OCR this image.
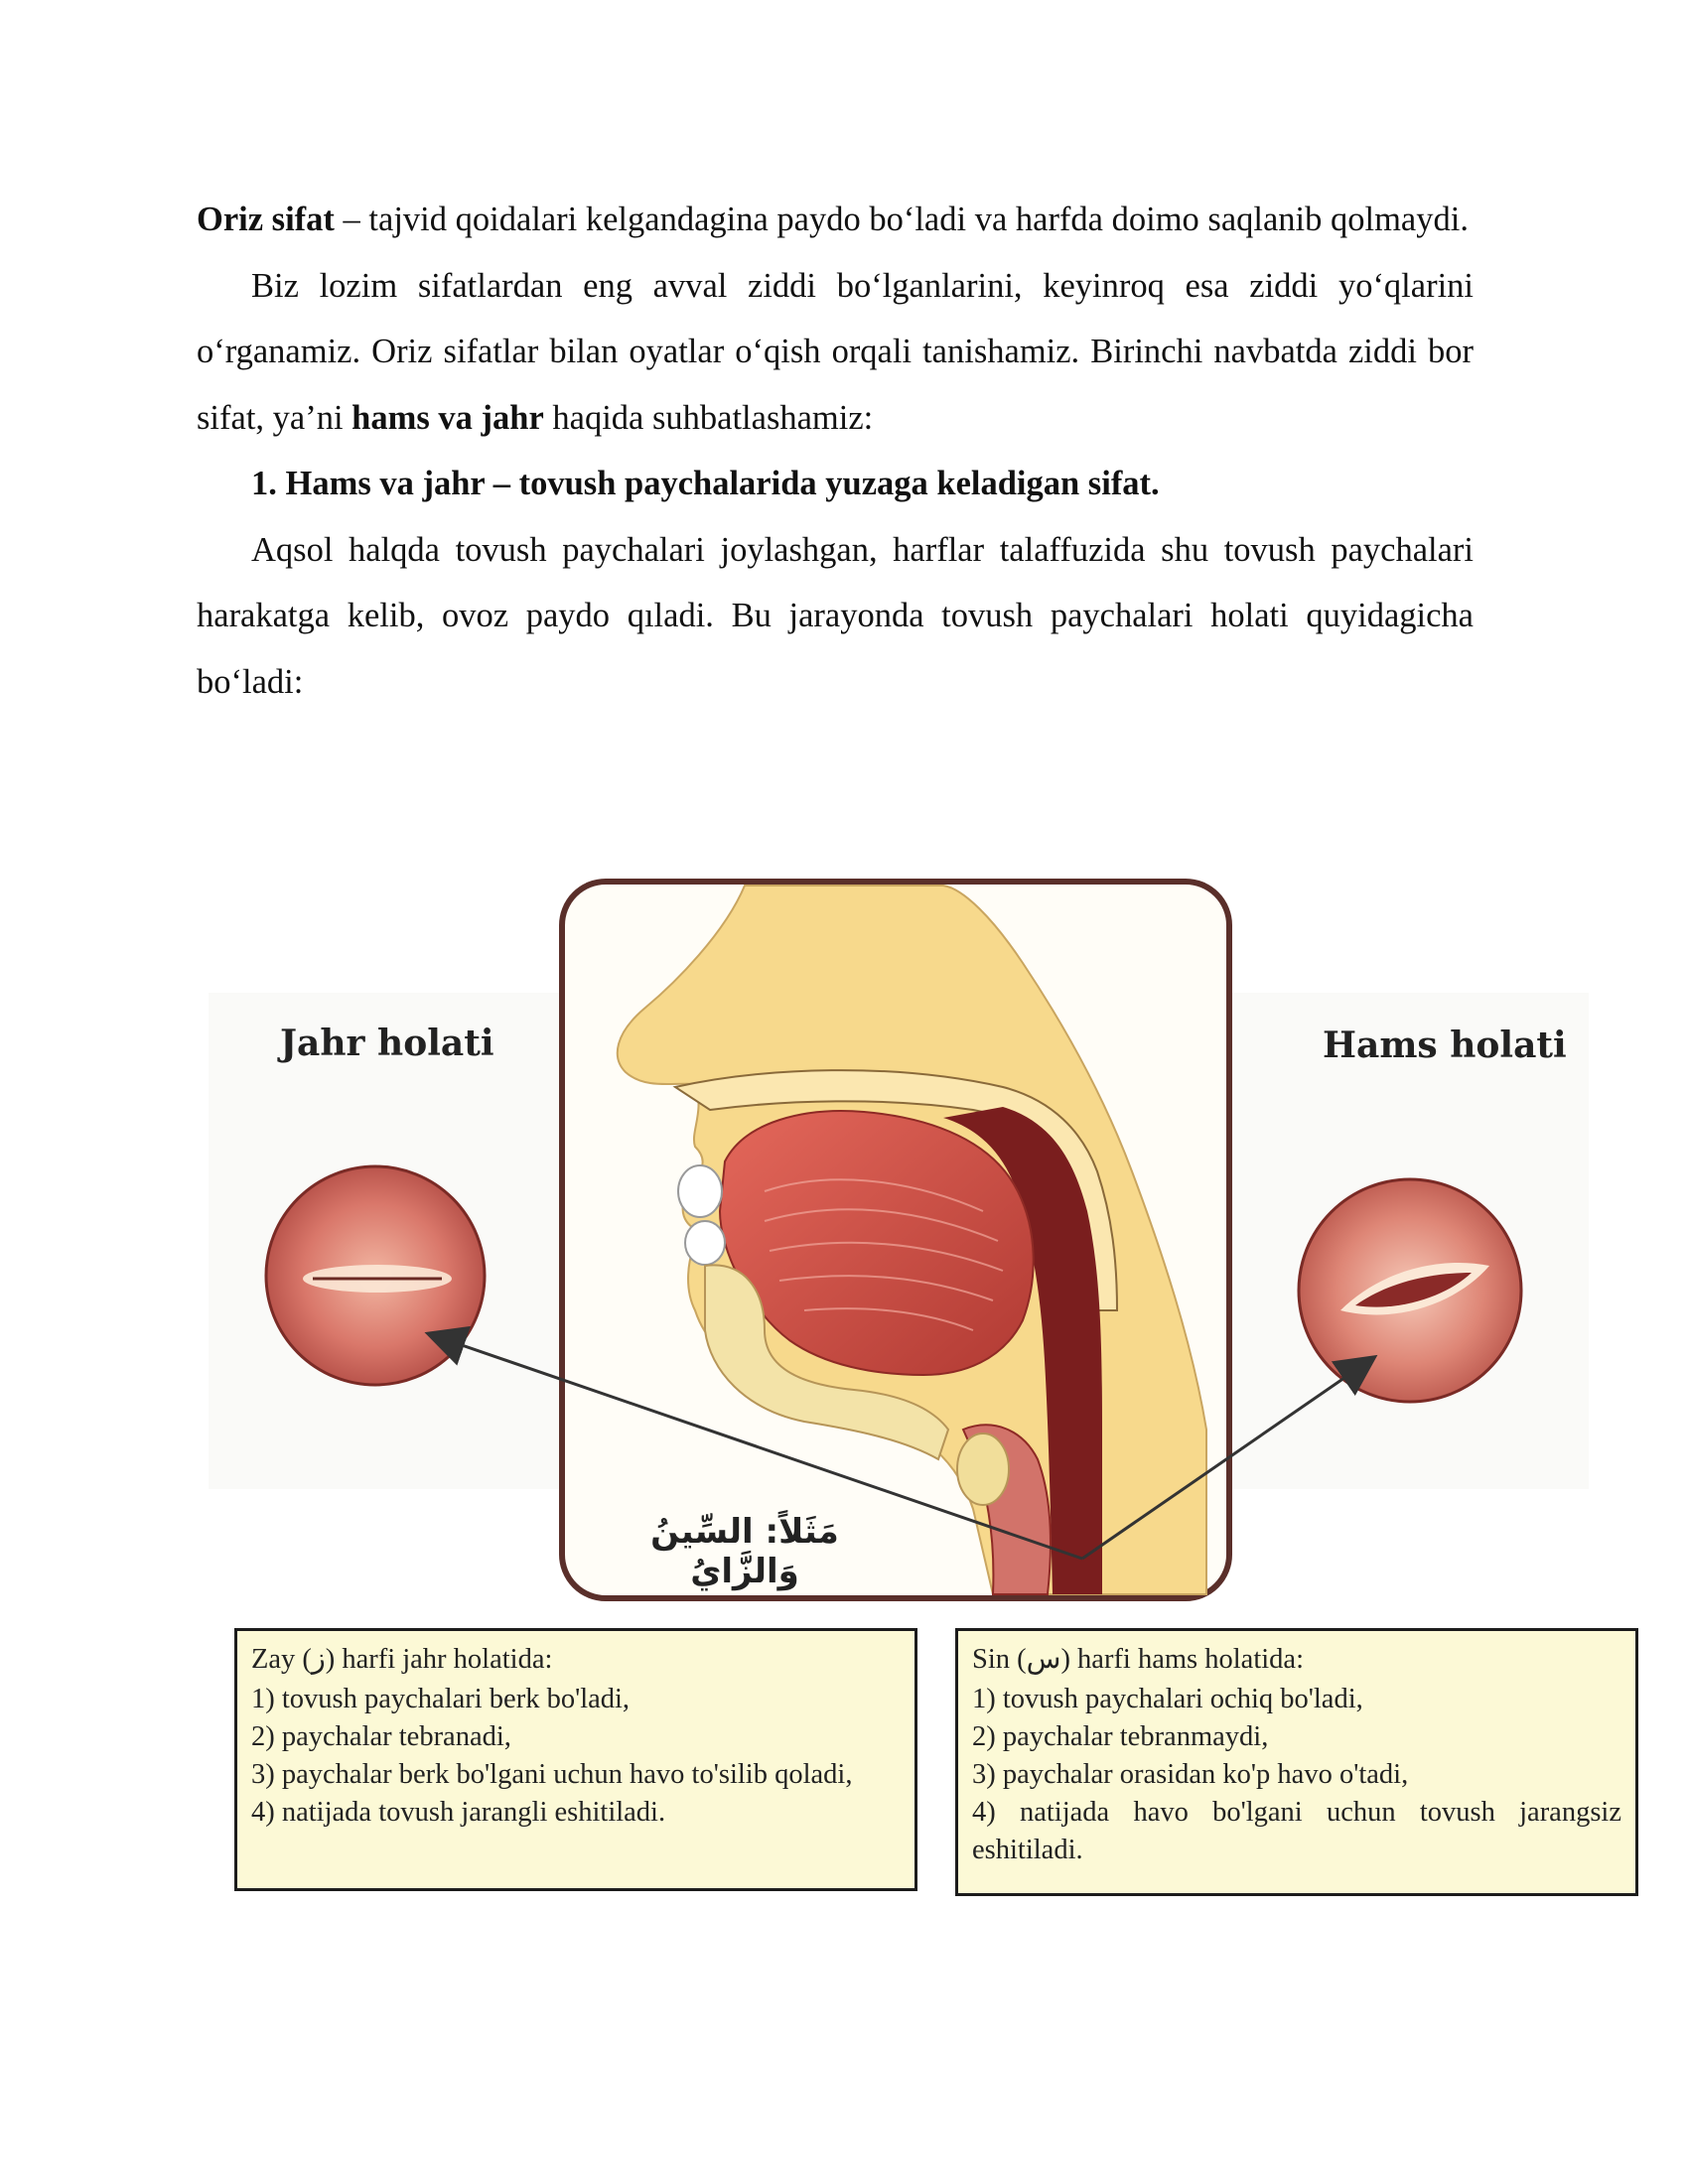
Oriz sifat – tajvid qoidalari kelgandagina paydo bo‘ladi va harfda doimo saqlanib qolmaydi.

Biz lozim sifatlardan eng avval ziddi bo‘lganlarini, keyinroq esa ziddi yo‘qlarini o‘rganamiz. Oriz sifatlar bilan oyatlar o‘qish orqali tanishamiz. Birinchi navbatda ziddi bor sifat, ya’ni hams va jahr haqida suhbatlashamiz:

1. Hams va jahr – tovush paychalarida yuzaga keladigan sifat.

Aqsol halqda tovush paychalari joylashgan, harflar talaffuzida shu tovush paychalari harakatga kelib, ovoz paydo qıladi. Bu jarayonda tovush paychalari holati quyidagicha bo‘ladi:

Jahr holati	Hams holati
مَثَلاً: السِّينُ وَالزَّايُ
Zay (ز) harfi jahr holatida:
1) tovush paychalari berk bo'ladi,
2) paychalar tebranadi,
3) paychalar berk bo'lgani uchun havo to'silib qoladi,
4) natijada tovush jarangli eshitiladi.
Sin (س) harfi hams holatida:
1) tovush paychalari ochiq bo'ladi,
2) paychalar tebranmaydi,
3) paychalar orasidan ko'p havo o'tadi,
4) natijada havo bo'lgani uchun tovush jarangsiz eshitiladi.
